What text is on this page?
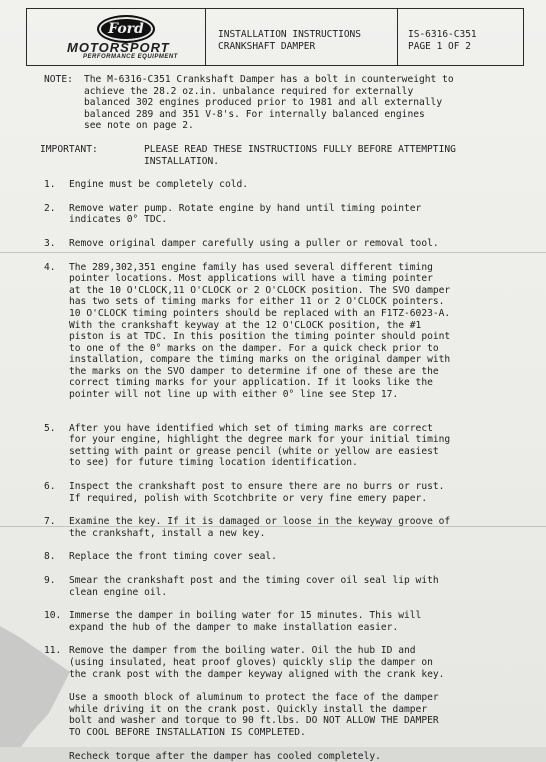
Ford
MOTORSPORT
PERFORMANCE EQUIPMENT
INSTALLATION INSTRUCTIONS
CRANKSHAFT DAMPER
IS-6316-C351
PAGE 1 OF 2
NOTE:	The M-6316-C351 Crankshaft Damper has a bolt in counterweight to
achieve the 28.2 oz.in. unbalance required for externally
balanced 302 engines produced prior to 1981 and all externally
balanced 289 and 351 V-8's. For internally balanced engines
see note on page 2.
IMPORTANT:	PLEASE READ THESE INSTRUCTIONS FULLY BEFORE ATTEMPTING
INSTALLATION.
1.	Engine must be completely cold.
2.	Remove water pump. Rotate engine by hand until timing pointer
indicates 0° TDC.
3.	Remove original damper carefully using a puller or removal tool.
4.	The 289,302,351 engine family has used several different timing
pointer locations. Most applications will have a timing pointer
at the 10 O'CLOCK,11 O'CLOCK or 2 O'CLOCK position. The SVO damper
has two sets of timing marks for either 11 or 2 O'CLOCK pointers.
10 O'CLOCK timing pointers should be replaced with an F1TZ-6023-A.
With the crankshaft keyway at the 12 O'CLOCK position, the #1
piston is at TDC. In this position the timing pointer should point
to one of the 0° marks on the damper. For a quick check prior to
installation, compare the timing marks on the original damper with
the marks on the SVO damper to determine if one of these are the
correct timing marks for your application. If it looks like the
pointer will not line up with either 0° line see Step 17.
5.	After you have identified which set of timing marks are correct
for your engine, highlight the degree mark for your initial timing
setting with paint or grease pencil (white or yellow are easiest
to see) for future timing location identification.
6.	Inspect the crankshaft post to ensure there are no burrs or rust.
If required, polish with Scotchbrite or very fine emery paper.
7.	Examine the key. If it is damaged or loose in the keyway groove of
the crankshaft, install a new key.
8.	Replace the front timing cover seal.
9.	Smear the crankshaft post and the timing cover oil seal lip with
clean engine oil.
10. Immerse the damper in boiling water for 15 minutes. This will
expand the hub of the damper to make installation easier.
11. Remove the damper from the boiling water. Oil the hub ID and
(using insulated, heat proof gloves) quickly slip the damper on
the crank post with the damper keyway aligned with the crank key.
Use a smooth block of aluminum to protect the face of the damper
while driving it on the crank post. Quickly install the damper
bolt and washer and torque to 90 ft.lbs. DO NOT ALLOW THE DAMPER
TO COOL BEFORE INSTALLATION IS COMPLETED.
Recheck torque after the damper has cooled completely.
